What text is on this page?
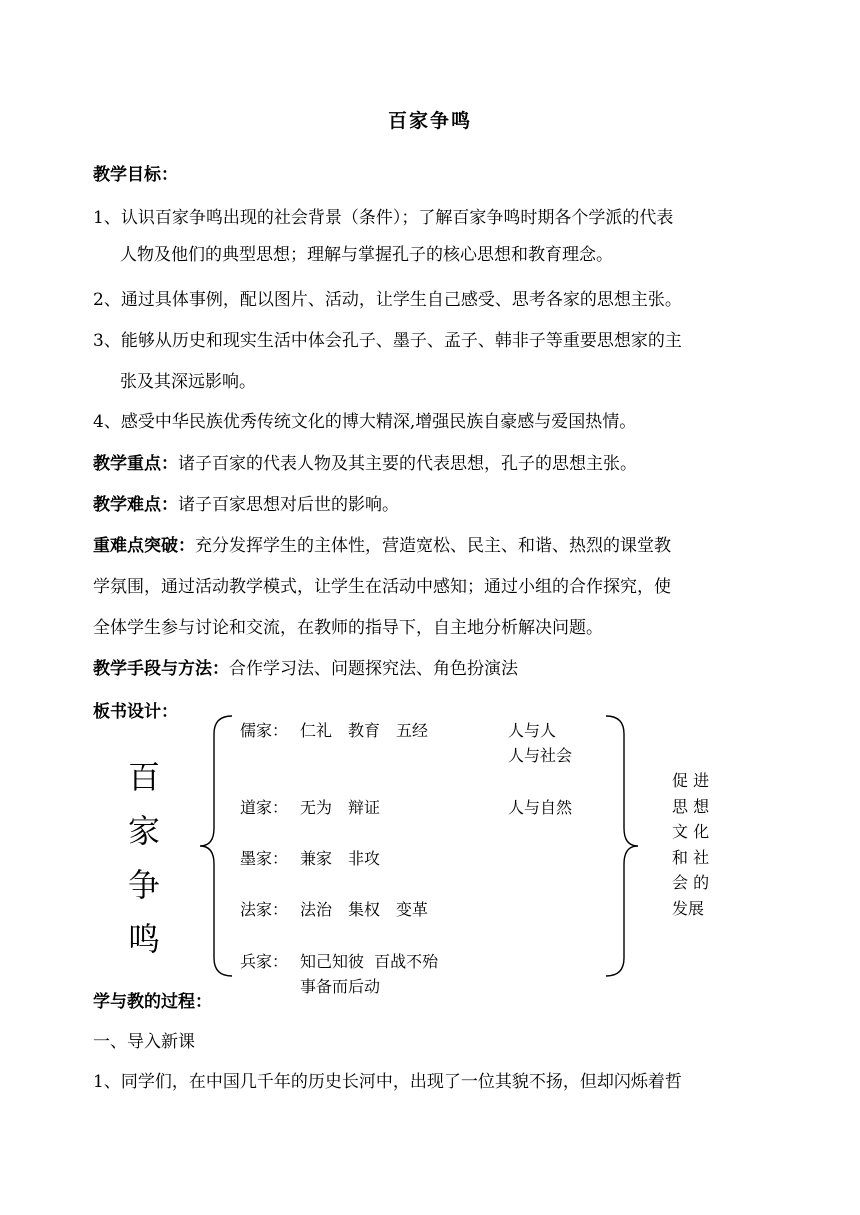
百家争鸣
教学目标：
1、认识百家争鸣出现的社会背景（条件）；了解百家争鸣时期各个学派的代表
人物及他们的典型思想；理解与掌握孔子的核心思想和教育理念。
2、通过具体事例，配以图片、活动，让学生自己感受、思考各家的思想主张。
3、能够从历史和现实生活中体会孔子、墨子、孟子、韩非子等重要思想家的主
张及其深远影响。
4、感受中华民族优秀传统文化的博大精深,增强民族自豪感与爱国热情。
教学重点：诸子百家的代表人物及其主要的代表思想，孔子的思想主张。
教学难点：诸子百家思想对后世的影响。
重难点突破：充分发挥学生的主体性，营造宽松、民主、和谐、热烈的课堂教
学氛围，通过活动教学模式，让学生在活动中感知；通过小组的合作探究，使
全体学生参与讨论和交流，在教师的指导下，自主地分析解决问题。
教学手段与方法：合作学习法、问题探究法、角色扮演法
板书设计：
百
家
争
鸣
儒家： 仁礼　教育　五经
道家： 无为　辩证
墨家： 兼家　非攻
法家： 法治　集权　变革
兵家： 知己知彼  百战不殆
事备而后动
人与人
人与社会
人与自然
促 进
思 想
文 化
和 社
会 的
发展
学与教的过程：
一、导入新课
1、同学们，在中国几千年的历史长河中，出现了一位其貌不扬，但却闪烁着哲
